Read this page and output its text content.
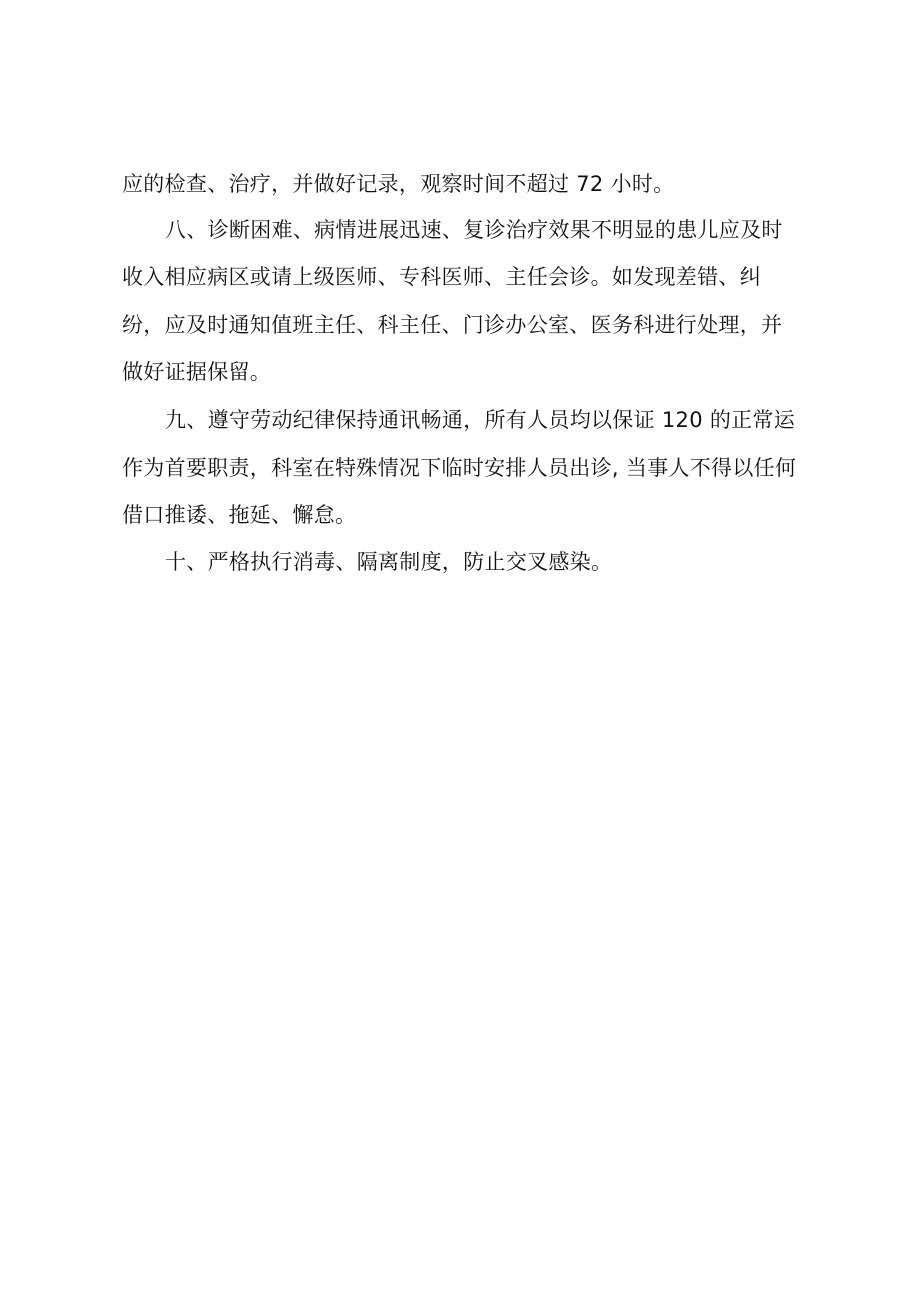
应的检查、治疗，并做好记录，观察时间不超过 72 小时。
八、诊断困难、病情进展迅速、复诊治疗效果不明显的患儿应及时
收入相应病区或请上级医师、专科医师、主任会诊。如发现差错、纠
纷，应及时通知值班主任、科主任、门诊办公室、医务科进行处理，并
做好证据保留。
九、遵守劳动纪律保持通讯畅通，所有人员均以保证 120 的正常运
作为首要职责，科室在特殊情况下临时安排人员出诊, 当事人不得以任何
借口推诿、拖延、懈怠。
十、严格执行消毒、隔离制度，防止交叉感染。
